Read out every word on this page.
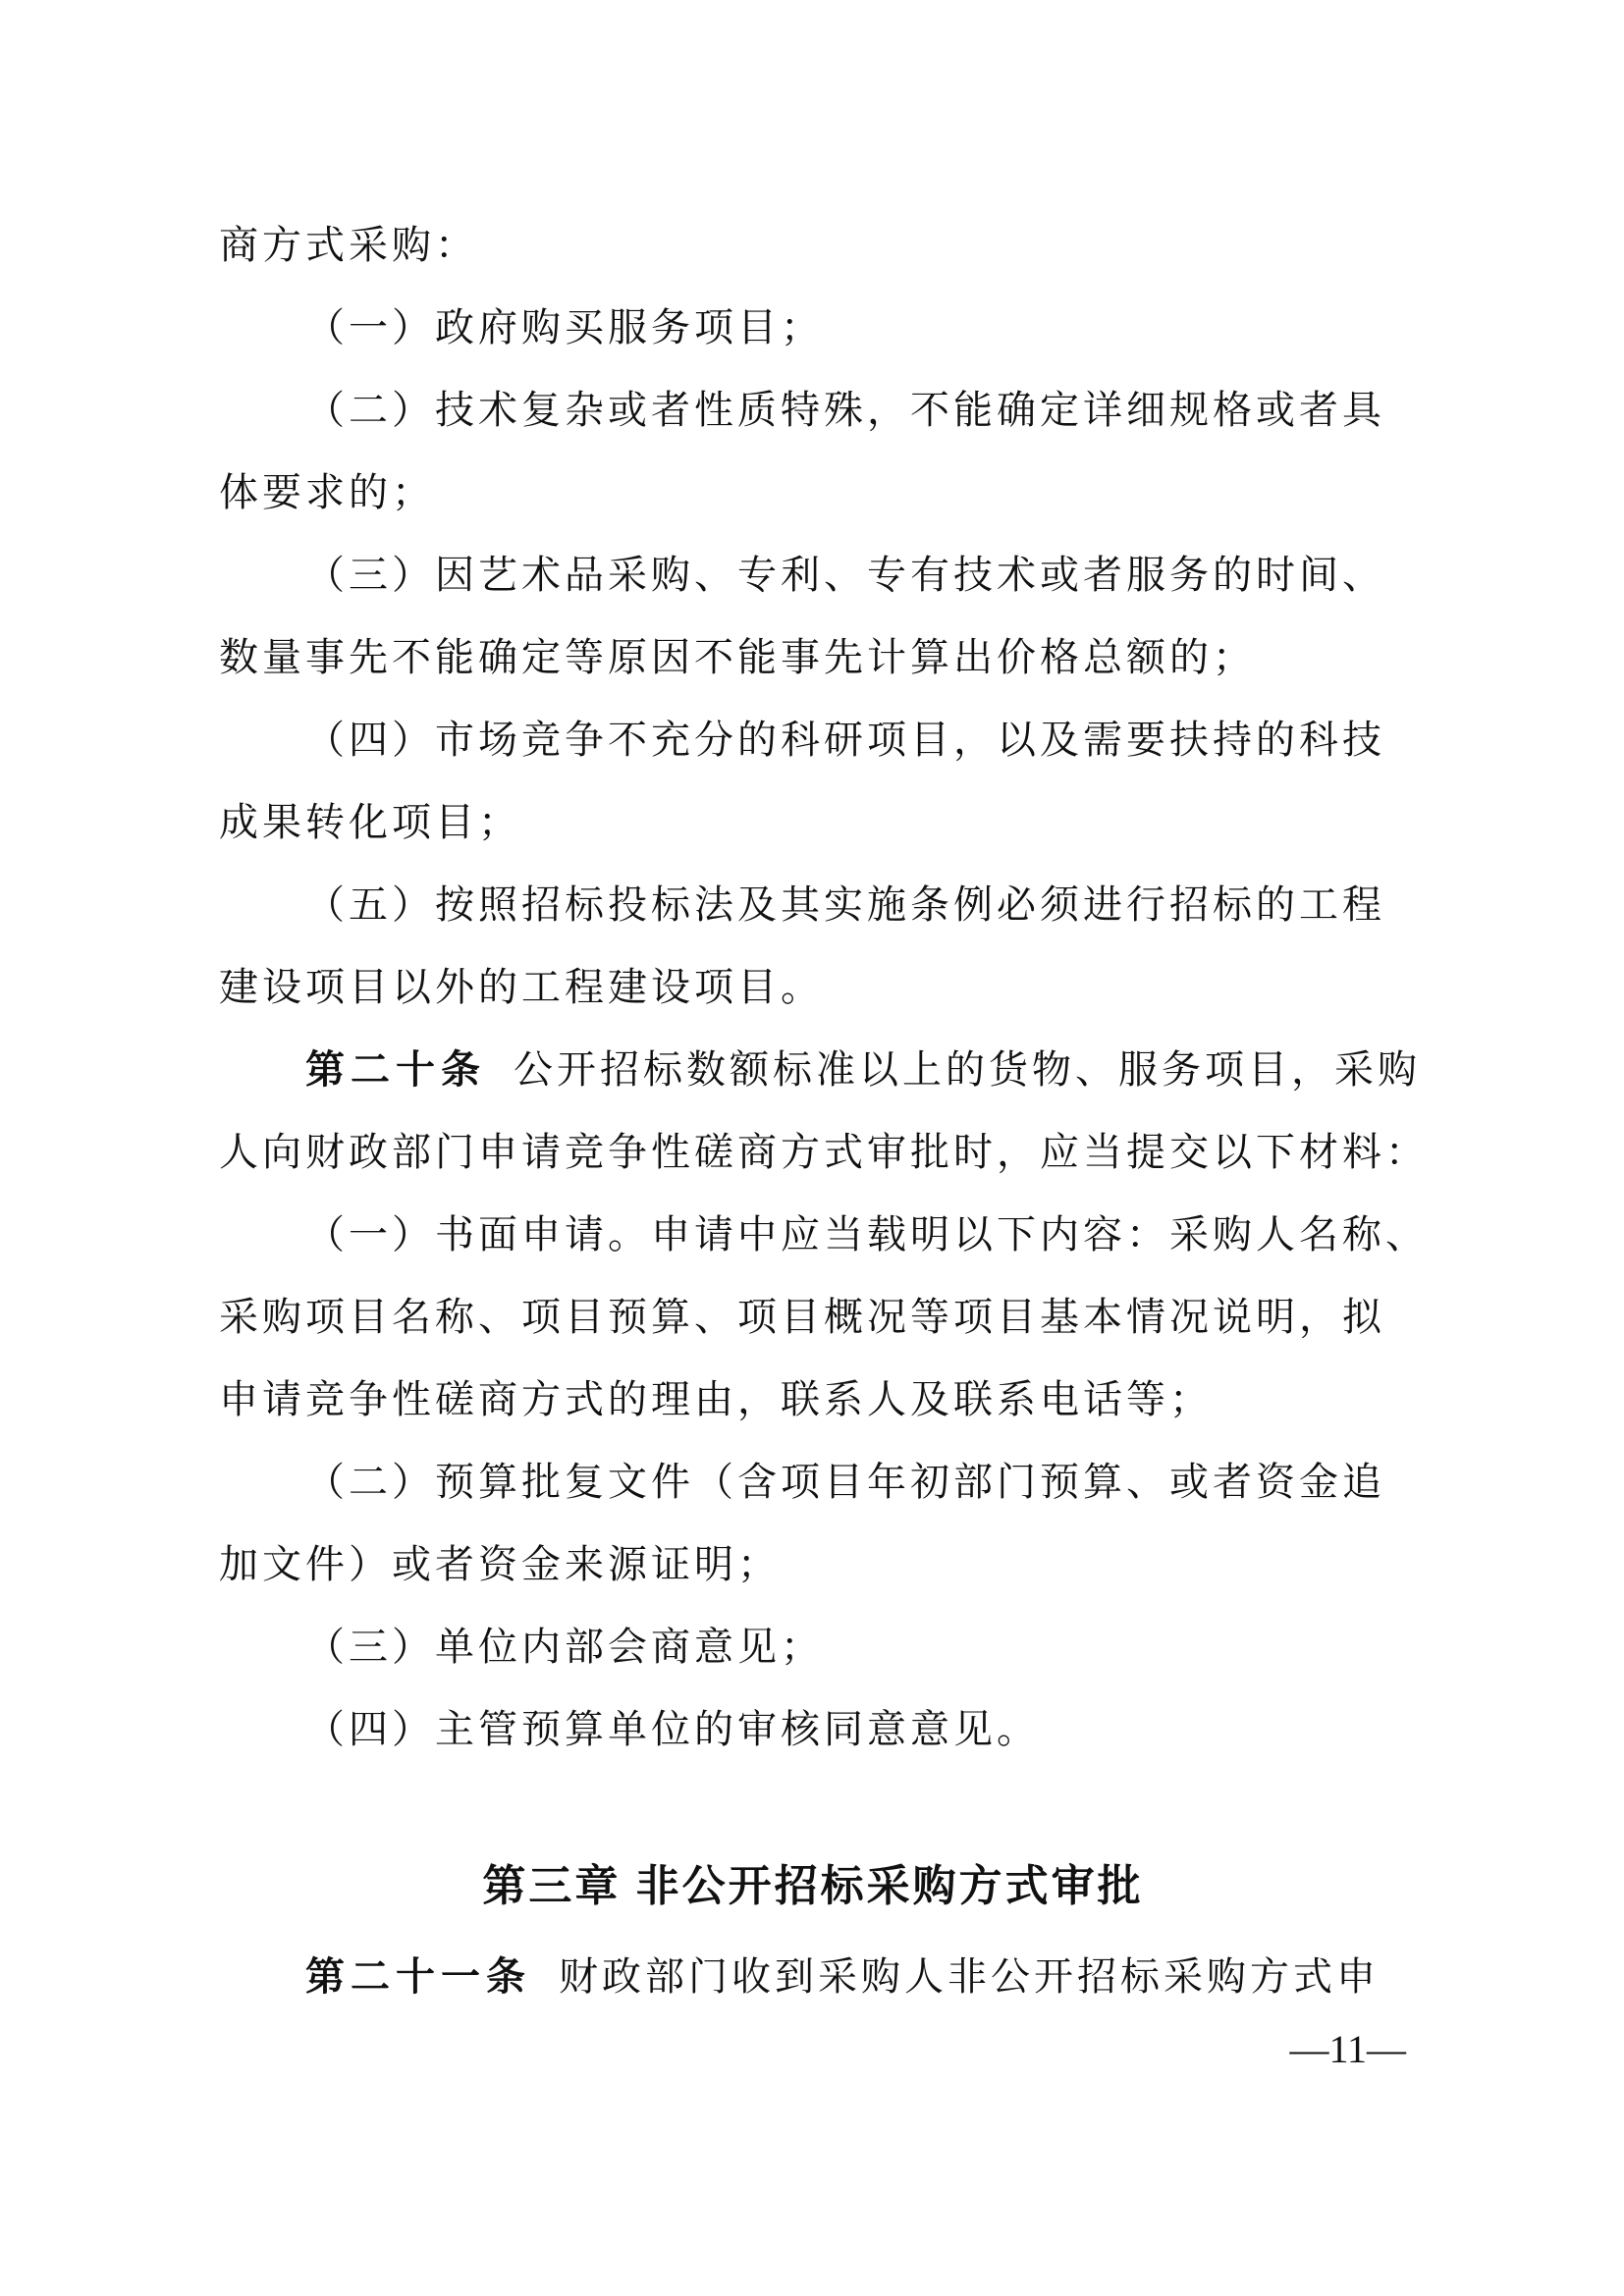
商方式采购：
（一）政府购买服务项目；
（二）技术复杂或者性质特殊，不能确定详细规格或者具
体要求的；
（三）因艺术品采购、专利、专有技术或者服务的时间、
数量事先不能确定等原因不能事先计算出价格总额的；
（四）市场竞争不充分的科研项目，以及需要扶持的科技
成果转化项目；
（五）按照招标投标法及其实施条例必须进行招标的工程
建设项目以外的工程建设项目。
第二十条 公开招标数额标准以上的货物、服务项目，采购
人向财政部门申请竞争性磋商方式审批时，应当提交以下材料：
（一）书面申请。申请中应当载明以下内容：采购人名称、
采购项目名称、项目预算、项目概况等项目基本情况说明，拟
申请竞争性磋商方式的理由，联系人及联系电话等；
（二）预算批复文件（含项目年初部门预算、或者资金追
加文件）或者资金来源证明；
（三）单位内部会商意见；
（四）主管预算单位的审核同意意见。
第三章 非公开招标采购方式审批
第二十一条 财政部门收到采购人非公开招标采购方式申
—11—
